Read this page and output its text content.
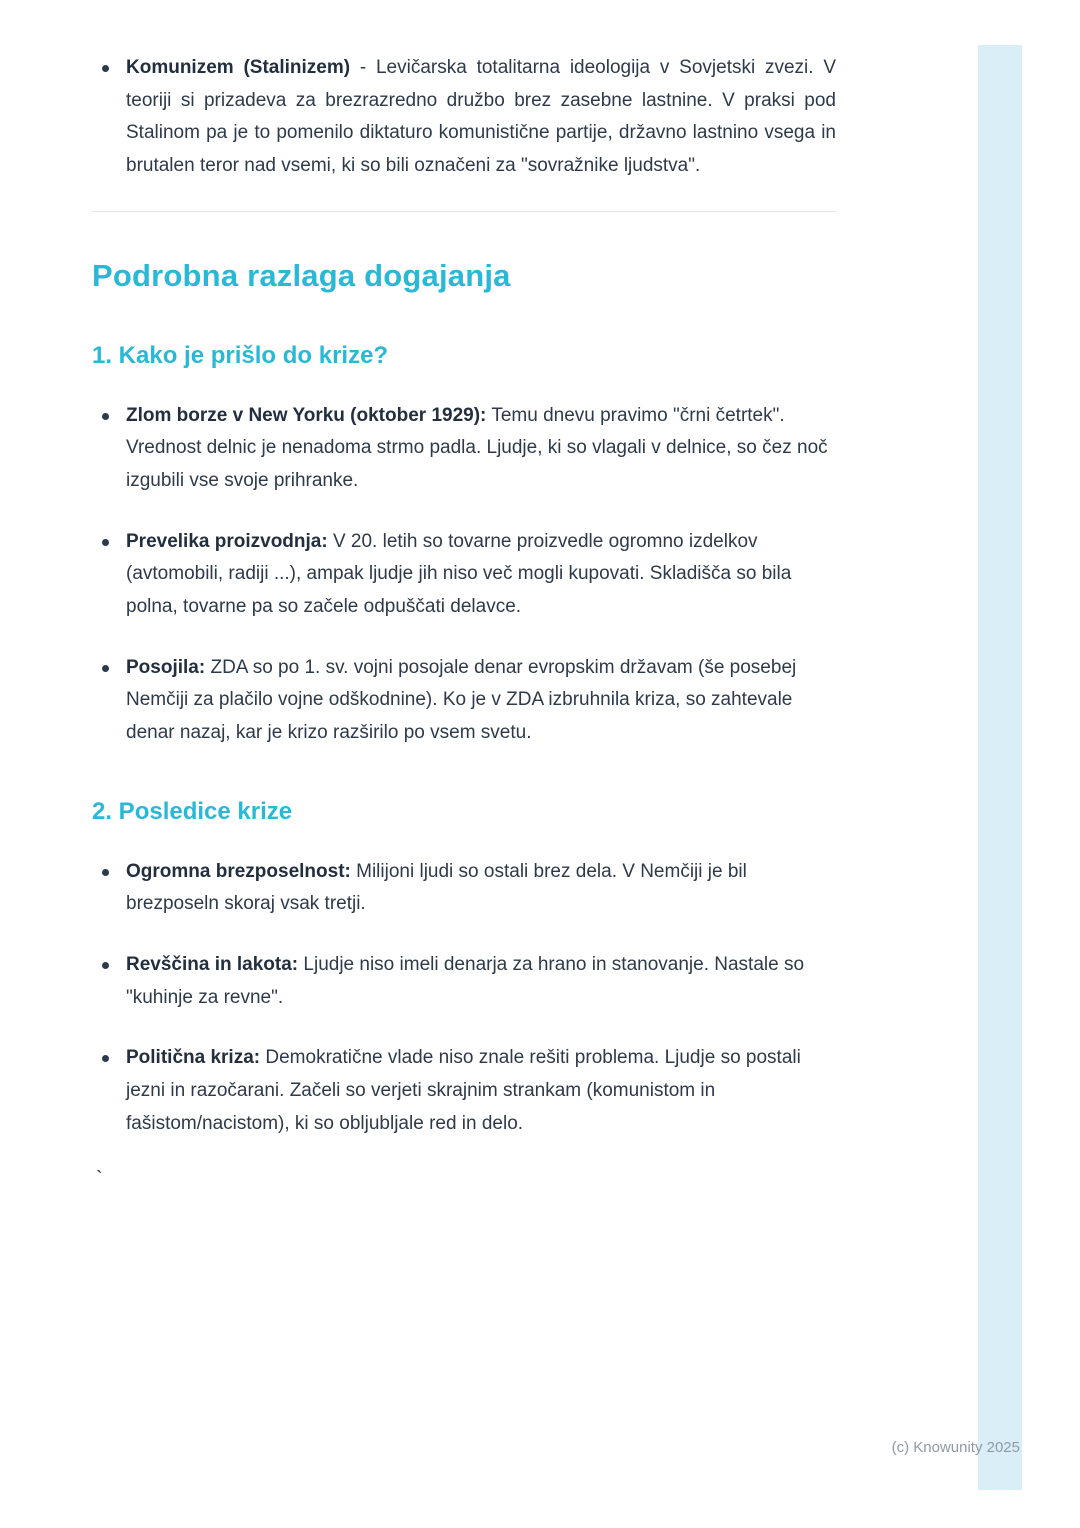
Komunizem (Stalinizem) - Levičarska totalitarna ideologija v Sovjetski zvezi. V teoriji si prizadeva za brezrazredno družbo brez zasebne lastnine. V praksi pod Stalinom pa je to pomenilo diktaturo komunistične partije, državno lastnino vsega in brutalen teror nad vsemi, ki so bili označeni za "sovražnike ljudstva".
Podrobna razlaga dogajanja
1. Kako je prišlo do krize?
Zlom borze v New Yorku (oktober 1929): Temu dnevu pravimo "črni četrtek". Vrednost delnic je nenadoma strmo padla. Ljudje, ki so vlagali v delnice, so čez noč izgubili vse svoje prihranke.
Prevelika proizvodnja: V 20. letih so tovarne proizvedle ogromno izdelkov (avtomobili, radiji ...), ampak ljudje jih niso več mogli kupovati. Skladišča so bila polna, tovarne pa so začele odpuščati delavce.
Posojila: ZDA so po 1. sv. vojni posojale denar evropskim državam (še posebej Nemčiji za plačilo vojne odškodnine). Ko je v ZDA izbruhnila kriza, so zahtevale denar nazaj, kar je krizo razširilo po vsem svetu.
2. Posledice krize
Ogromna brezposelnost: Milijoni ljudi so ostali brez dela. V Nemčiji je bil brezposeln skoraj vsak tretji.
Revščina in lakota: Ljudje niso imeli denarja za hrano in stanovanje. Nastale so "kuhinje za revne".
Politična kriza: Demokratične vlade niso znale rešiti problema. Ljudje so postali jezni in razočarani. Začeli so verjeti skrajnim strankam (komunistom in fašistom/nacistom), ki so obljubljale red in delo.
`
(c) Knowunity 2025
